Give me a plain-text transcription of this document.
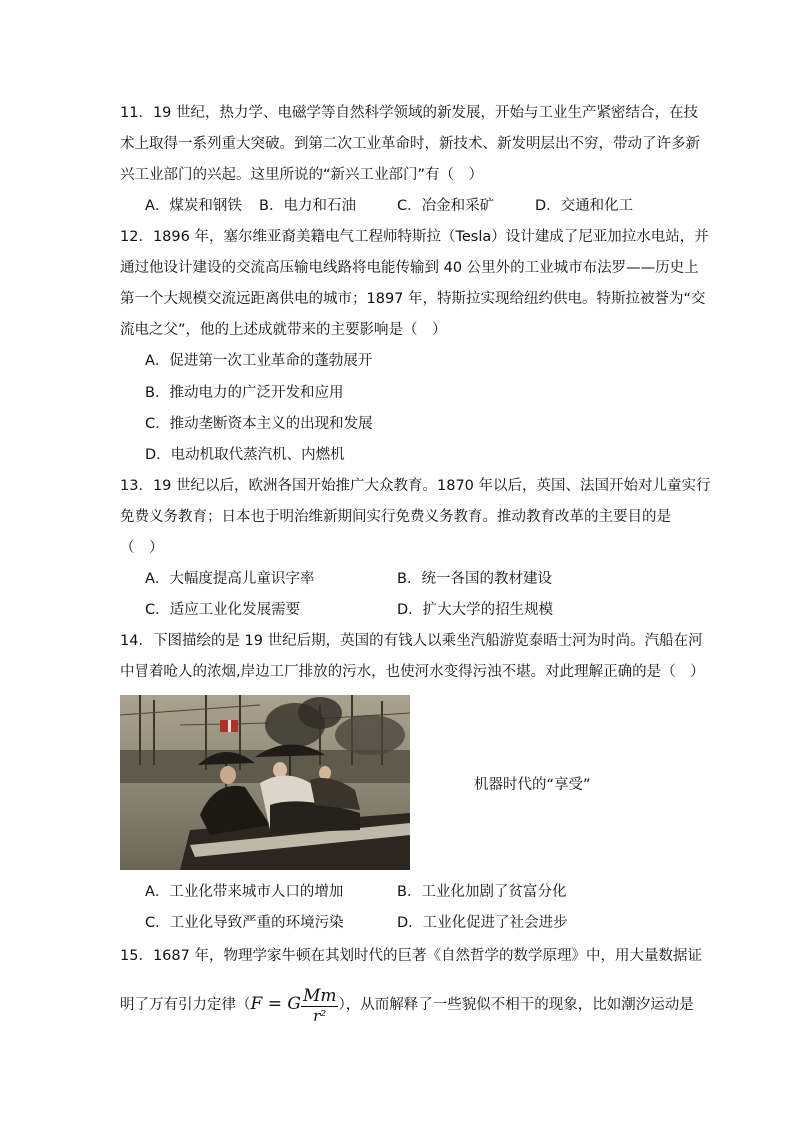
11．19 世纪，热力学、电磁学等自然科学领域的新发展，开始与工业生产紧密结合，在技
术上取得一系列重大突破。到第二次工业革命时，新技术、新发明层出不穷，带动了许多新
兴工业部门的兴起。这里所说的“新兴工业部门”有（　）
A．煤炭和钢铁 B．电力和石油	C．冶金和采矿	D．交通和化工
12．1896 年，塞尔维亚裔美籍电气工程师特斯拉（Tesla）设计建成了尼亚加拉水电站，并
通过他设计建设的交流高压输电线路将电能传输到 40 公里外的工业城市布法罗——历史上
第一个大规模交流远距离供电的城市；1897 年，特斯拉实现给纽约供电。特斯拉被誉为“交
流电之父”，他的上述成就带来的主要影响是（　）
A．促进第一次工业革命的蓬勃展开
B．推动电力的广泛开发和应用
C．推动垄断资本主义的出现和发展
D．电动机取代蒸汽机、内燃机
13．19 世纪以后，欧洲各国开始推广大众教育。1870 年以后，英国、法国开始对儿童实行
免费义务教育；日本也于明治维新期间实行免费义务教育。推动教育改革的主要目的是
（　）
A．大幅度提高儿童识字率	B．统一各国的教材建设
C．适应工业化发展需要	D．扩大大学的招生规模
14．下图描绘的是 19 世纪后期，英国的有钱人以乘坐汽船游览泰晤士河为时尚。汽船在河
中冒着呛人的浓烟,岸边工厂排放的污水，也使河水变得污浊不堪。对此理解正确的是（　）
机器时代的“享受”
A．工业化带来城市人口的增加	B．工业化加剧了贫富分化
C．工业化导致严重的环境污染	D．工业化促进了社会进步
15．1687 年，物理学家牛顿在其划时代的巨著《自然哲学的数学原理》中，用大量数据证
明了万有引力定律（F = G $\frac{Mm}{\text{r²}}$ ），从而解释了一些貌似不相干的现象，比如潮汐运动是
